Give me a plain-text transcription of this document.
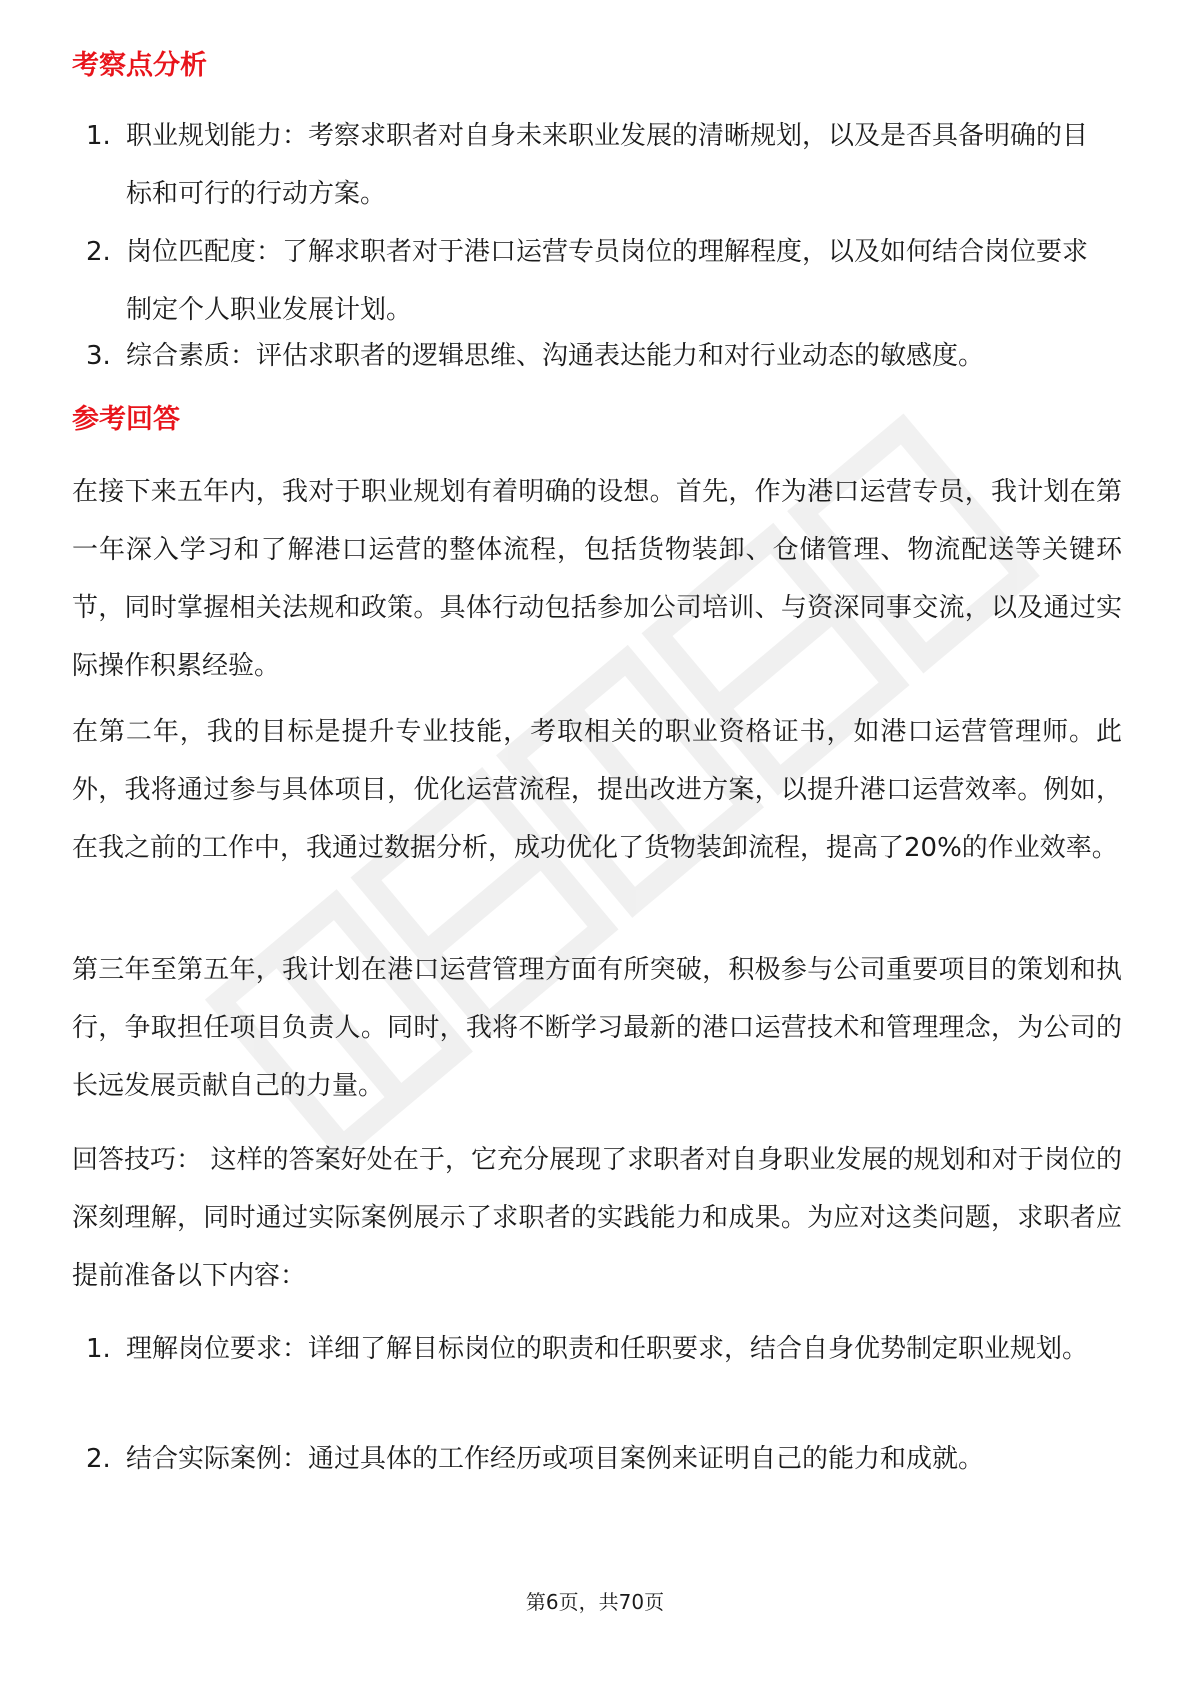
考察点分析
1. 职业规划能力：考察求职者对自身未来职业发展的清晰规划，以及是否具备明确的目标和可行的行动方案。
2. 岗位匹配度：了解求职者对于港口运营专员岗位的理解程度，以及如何结合岗位要求制定个人职业发展计划。
3. 综合素质：评估求职者的逻辑思维、沟通表达能力和对行业动态的敏感度。
参考回答
在接下来五年内，我对于职业规划有着明确的设想。首先，作为港口运营专员，我计划在第一年深入学习和了解港口运营的整体流程，包括货物装卸、仓储管理、物流配送等关键环节，同时掌握相关法规和政策。具体行动包括参加公司培训、与资深同事交流，以及通过实际操作积累经验。
在第二年，我的目标是提升专业技能，考取相关的职业资格证书，如港口运营管理师。此外，我将通过参与具体项目，优化运营流程，提出改进方案，以提升港口运营效率。例如，在我之前的工作中，我通过数据分析，成功优化了货物装卸流程，提高了20%的作业效率。
第三年至第五年，我计划在港口运营管理方面有所突破，积极参与公司重要项目的策划和执行，争取担任项目负责人。同时，我将不断学习最新的港口运营技术和管理理念，为公司的长远发展贡献自己的力量。
回答技巧： 这样的答案好处在于，它充分展现了求职者对自身职业发展的规划和对于岗位的深刻理解，同时通过实际案例展示了求职者的实践能力和成果。为应对这类问题，求职者应提前准备以下内容：
1. 理解岗位要求：详细了解目标岗位的职责和任职要求，结合自身优势制定职业规划。
2. 结合实际案例：通过具体的工作经历或项目案例来证明自己的能力和成就。
第6页，共70页
